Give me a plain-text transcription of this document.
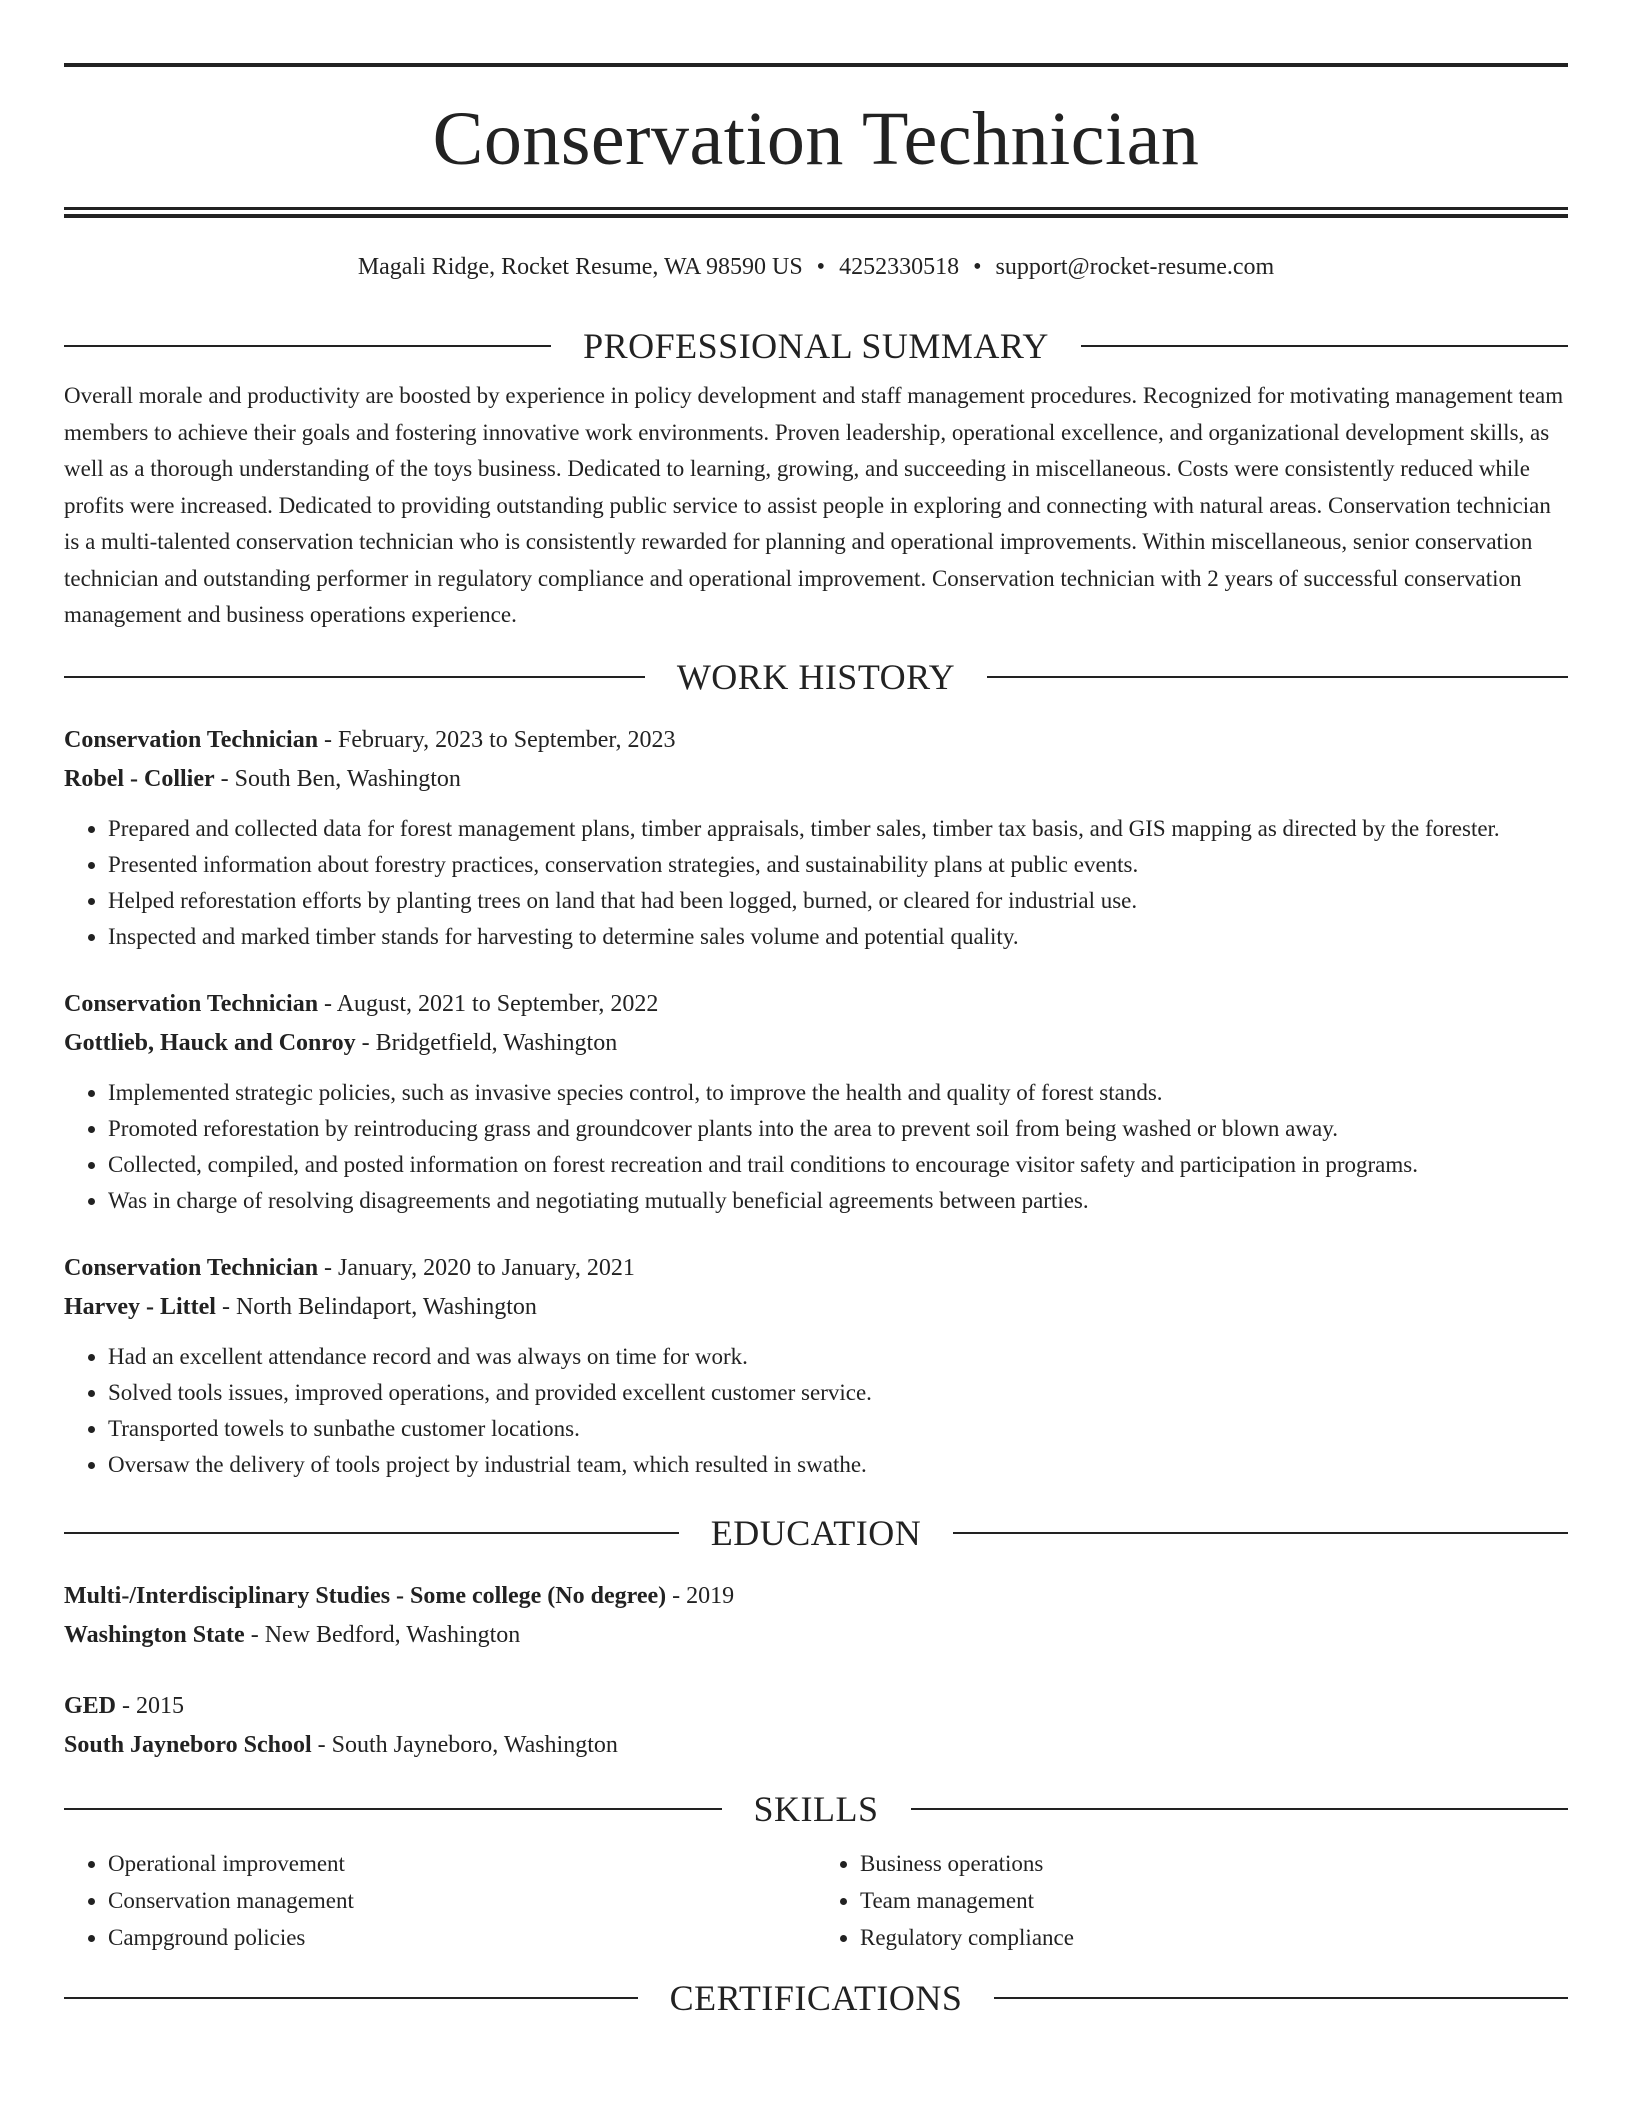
Conservation Technician
Magali Ridge, Rocket Resume, WA 98590 US • 4252330518 • support@rocket-resume.com
PROFESSIONAL SUMMARY

Overall morale and productivity are boosted by experience in policy development and staff management procedures. Recognized for motivating management team members to achieve their goals and fostering innovative work environments. Proven leadership, operational excellence, and organizational development skills, as well as a thorough understanding of the toys business. Dedicated to learning, growing, and succeeding in miscellaneous. Costs were consistently reduced while profits were increased. Dedicated to providing outstanding public service to assist people in exploring and connecting with natural areas. Conservation technician is a multi-talented conservation technician who is consistently rewarded for planning and operational improvements. Within miscellaneous, senior conservation technician and outstanding performer in regulatory compliance and operational improvement. Conservation technician with 2 years of successful conservation management and business operations experience.

WORK HISTORY
Conservation Technician - February, 2023 to September, 2023
Robel - Collier - South Ben, Washington
• Prepared and collected data for forest management plans, timber appraisals, timber sales, timber tax basis, and GIS mapping as directed by the forester.
• Presented information about forestry practices, conservation strategies, and sustainability plans at public events.
• Helped reforestation efforts by planting trees on land that had been logged, burned, or cleared for industrial use.
• Inspected and marked timber stands for harvesting to determine sales volume and potential quality.
Conservation Technician - August, 2021 to September, 2022
Gottlieb, Hauck and Conroy - Bridgetfield, Washington
• Implemented strategic policies, such as invasive species control, to improve the health and quality of forest stands.
• Promoted reforestation by reintroducing grass and groundcover plants into the area to prevent soil from being washed or blown away.
• Collected, compiled, and posted information on forest recreation and trail conditions to encourage visitor safety and participation in programs.
• Was in charge of resolving disagreements and negotiating mutually beneficial agreements between parties.
Conservation Technician - January, 2020 to January, 2021
Harvey - Littel - North Belindaport, Washington
• Had an excellent attendance record and was always on time for work.
• Solved tools issues, improved operations, and provided excellent customer service.
• Transported towels to sunbathe customer locations.
• Oversaw the delivery of tools project by industrial team, which resulted in swathe.
EDUCATION
Multi-/Interdisciplinary Studies - Some college (No degree) - 2019
Washington State - New Bedford, Washington
GED - 2015
South Jayneboro School - South Jayneboro, Washington
SKILLS
• Operational improvement
• Conservation management
• Campground policies
• Business operations
• Team management
• Regulatory compliance
CERTIFICATIONS
